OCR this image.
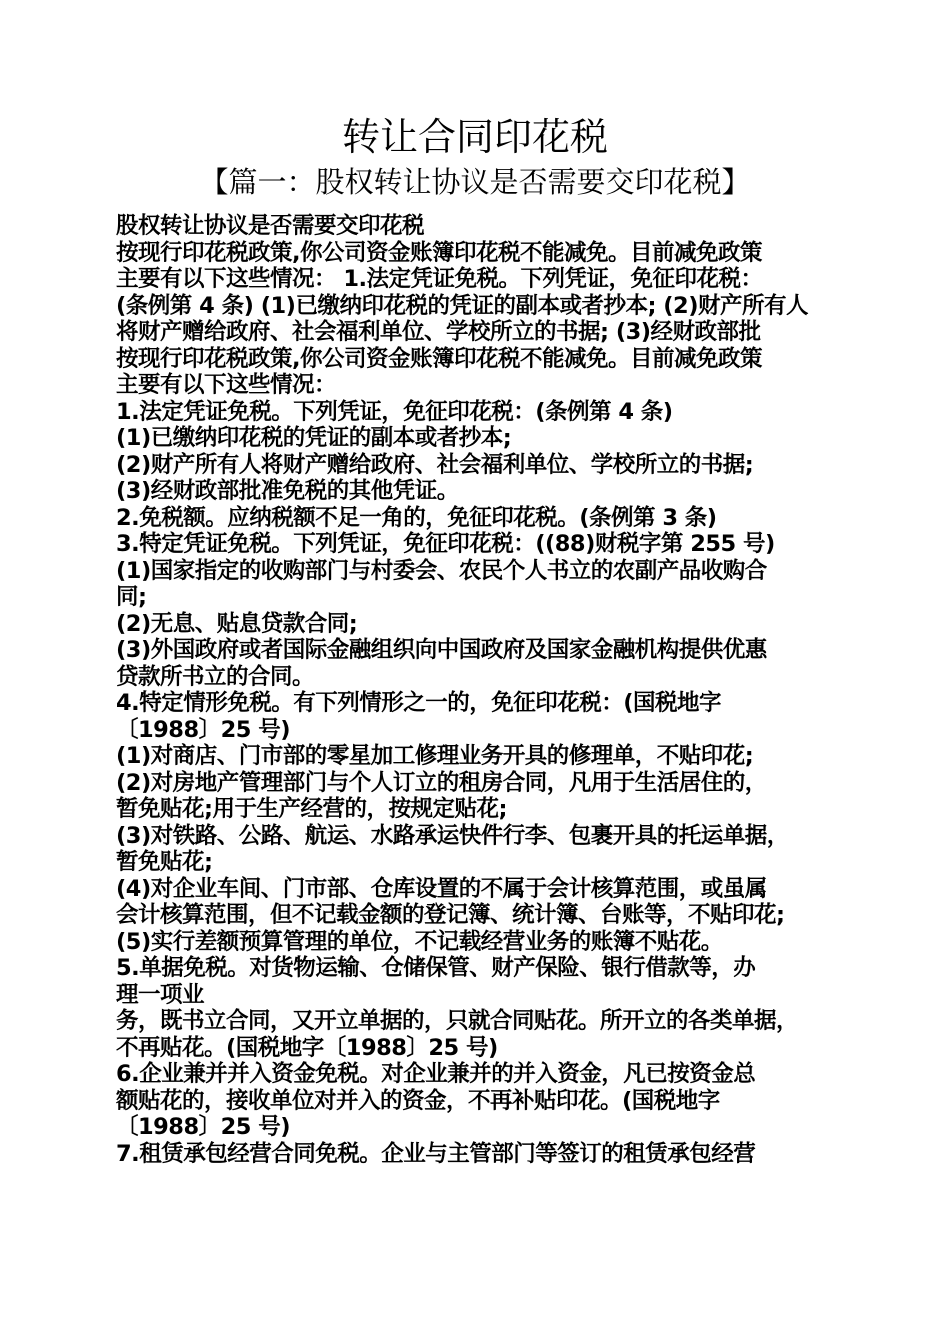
转让合同印花税
【篇一：股权转让协议是否需要交印花税】

股权转让协议是否需要交印花税

按现行印花税政策,你公司资金账簿印花税不能减免。目前减免政策

主要有以下这些情况： 1.法定凭证免税。下列凭证，免征印花税：

(条例第 4 条) (1)已缴纳印花税的凭证的副本或者抄本; (2)财产所有人

将财产赠给政府、社会福利单位、学校所立的书据; (3)经财政部批

按现行印花税政策,你公司资金账簿印花税不能减免。目前减免政策

主要有以下这些情况：

1.法定凭证免税。下列凭证，免征印花税：(条例第 4 条)

(1)已缴纳印花税的凭证的副本或者抄本;

(2)财产所有人将财产赠给政府、社会福利单位、学校所立的书据;

(3)经财政部批准免税的其他凭证。

2.免税额。应纳税额不足一角的，免征印花税。(条例第 3 条)

3.特定凭证免税。下列凭证，免征印花税：((88)财税字第 255 号)

(1)国家指定的收购部门与村委会、农民个人书立的农副产品收购合

同;

(2)无息、贴息贷款合同;

(3)外国政府或者国际金融组织向中国政府及国家金融机构提供优惠

贷款所书立的合同。

4.特定情形免税。有下列情形之一的，免征印花税：(国税地字

〔1988〕25 号)

(1)对商店、门市部的零星加工修理业务开具的修理单，不贴印花;

(2)对房地产管理部门与个人订立的租房合同，凡用于生活居住的，

暂免贴花;用于生产经营的，按规定贴花;

(3)对铁路、公路、航运、水路承运快件行李、包裹开具的托运单据，

暂免贴花;

(4)对企业车间、门市部、仓库设置的不属于会计核算范围，或虽属

会计核算范围，但不记载金额的登记簿、统计簿、台账等，不贴印花;

(5)实行差额预算管理的单位，不记载经营业务的账簿不贴花。

5.单据免税。对货物运输、仓储保管、财产保险、银行借款等，办

理一项业

务，既书立合同，又开立单据的，只就合同贴花。所开立的各类单据，

不再贴花。(国税地字〔1988〕25 号)

6.企业兼并并入资金免税。对企业兼并的并入资金，凡已按资金总

额贴花的，接收单位对并入的资金，不再补贴印花。(国税地字

〔1988〕25 号)

7.租赁承包经营合同免税。企业与主管部门等签订的租赁承包经营
